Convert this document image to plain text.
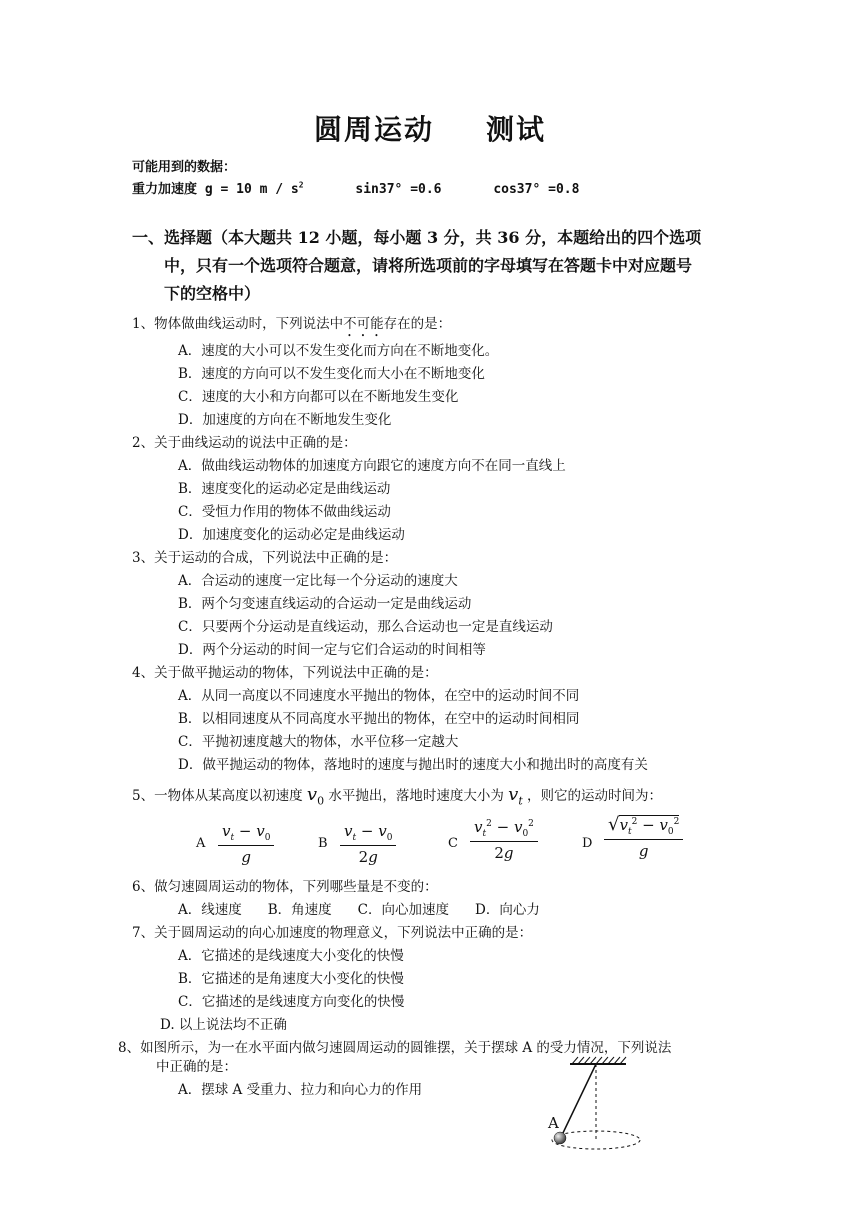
圆周运动 测试
可能用到的数据：
重力加速度 g = 10 m / $s^2$	sin37° =0.6	cos37° =0.8
一、选择题（本大题共 12 小题，每小题 3 分，共 36 分，本题给出的四个选项
中，只有一个选项符合题意，请将所选项前的字母填写在答题卡中对应题号
下的空格中）
1、物体做曲线运动时，下列说法中不可能存在的是：
A．速度的大小可以不发生变化而方向在不断地变化。
B．速度的方向可以不发生变化而大小在不断地变化
C．速度的大小和方向都可以在不断地发生变化
D．加速度的方向在不断地发生变化
2、关于曲线运动的说法中正确的是：
A．做曲线运动物体的加速度方向跟它的速度方向不在同一直线上
B．速度变化的运动必定是曲线运动
C．受恒力作用的物体不做曲线运动
D．加速度变化的运动必定是曲线运动
3、关于运动的合成，下列说法中正确的是：
A．合运动的速度一定比每一个分运动的速度大
B．两个匀变速直线运动的合运动一定是曲线运动
C．只要两个分运动是直线运动，那么合运动也一定是直线运动
D．两个分运动的时间一定与它们合运动的时间相等
4、关于做平抛运动的物体，下列说法中正确的是：
A．从同一高度以不同速度水平抛出的物体，在空中的运动时间不同
B．以相同速度从不同高度水平抛出的物体，在空中的运动时间相同
C．平抛初速度越大的物体，水平位移一定越大
D．做平抛运动的物体，落地时的速度与抛出时的速度大小和抛出时的高度有关
5、一物体从某高度以初速度 $v_0$ 水平抛出，落地时速度大小为 $v_t$ ，则它的运动时间为：
A $\frac{v_t - v_0}{g}$	B $\frac{v_t - v_0}{2g}$	C $\frac{v_t^2 - v_0^2}{2g}$	D $\frac{√v_t^2 - v_0^2}{g}$
6、做匀速圆周运动的物体，下列哪些量是不变的：
A．线速度 B．角速度 C．向心加速度 D．向心力
7、关于圆周运动的向心加速度的物理意义，下列说法中正确的是：
A．它描述的是线速度大小变化的快慢
B．它描述的是角速度大小变化的快慢
C．它描述的是线速度方向变化的快慢
D. 以上说法均不正确
8、如图所示，为一在水平面内做匀速圆周运动的圆锥摆，关于摆球 A 的受力情况，下列说法
中正确的是：
A．摆球 A 受重力、拉力和向心力的作用
A
